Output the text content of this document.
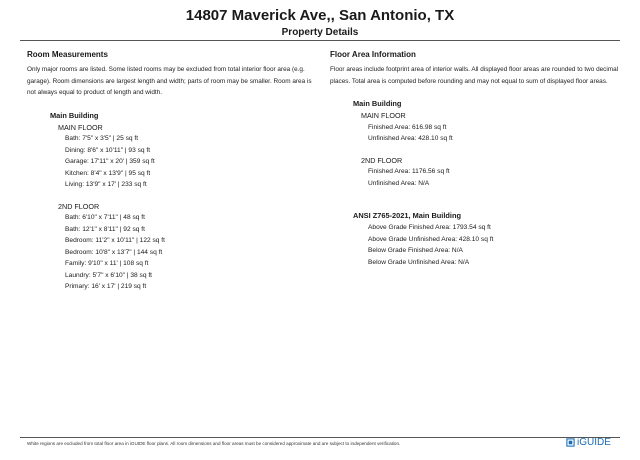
14807 Maverick Ave,, San Antonio, TX
Property Details
Room Measurements

Only major rooms are listed. Some listed rooms may be excluded from total interior floor area (e.g. garage). Room dimensions are largest length and width; parts of room may be smaller. Room area is not always equal to product of length and width.

Main Building
MAIN FLOOR
Bath: 7'5" x 3'5" | 25 sq ft
Dining: 8'6" x 10'11" | 93 sq ft
Garage: 17'11" x 20' | 359 sq ft
Kitchen: 8'4" x 13'9" | 95 sq ft
Living: 13'9" x 17' | 233 sq ft
2ND FLOOR
Bath: 6'10" x 7'11" | 48 sq ft
Bath: 12'1" x 8'11" | 92 sq ft
Bedroom: 11'2" x 10'11" | 122 sq ft
Bedroom: 10'8" x 13'7" | 144 sq ft
Family: 9'10" x 11' | 108 sq ft
Laundry: 5'7" x 6'10" | 38 sq ft
Primary: 16' x 17' | 219 sq ft
Floor Area Information

Floor areas include footprint area of interior walls. All displayed floor areas are rounded to two decimal places. Total area is computed before rounding and may not equal to sum of displayed floor areas.

Main Building
MAIN FLOOR
Finished Area: 616.98 sq ft
Unfinished Area: 428.10 sq ft
2ND FLOOR
Finished Area: 1176.56 sq ft
Unfinished Area: N/A
ANSI Z765-2021, Main Building
Above Grade Finished Area: 1793.54 sq ft
Above Grade Unfinished Area: 428.10 sq ft
Below Grade Finished Area: N/A
Below Grade Unfinished Area: N/A
White regions are excluded from total floor area in iGUIDE floor plans. All room dimensions and floor areas must be considered approximate and are subject to independent verification.	iGUIDE
